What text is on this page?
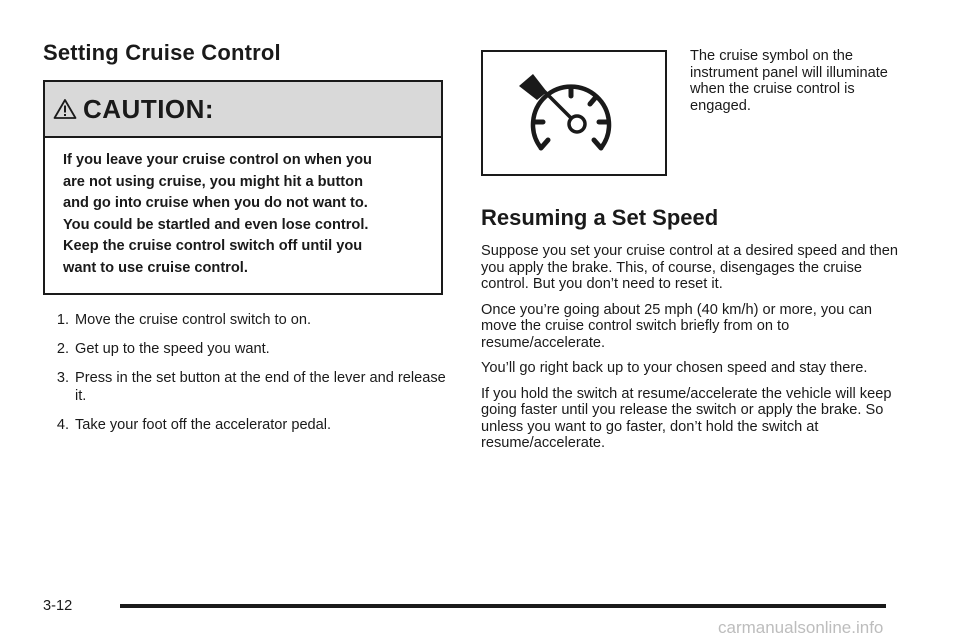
Setting Cruise Control
CAUTION:
If you leave your cruise control on when you
are not using cruise, you might hit a button
and go into cruise when you do not want to.
You could be startled and even lose control.
Keep the cruise control switch off until you
want to use cruise control.
1. Move the cruise control switch to on.
2. Get up to the speed you want.
3. Press in the set button at the end of the lever and release it.
4. Take your foot off the accelerator pedal.
The cruise symbol on the instrument panel will illuminate when the cruise control is engaged.
Resuming a Set Speed

Suppose you set your cruise control at a desired speed and then you apply the brake. This, of course, disengages the cruise control. But you don’t need to reset it.

Once you’re going about 25 mph (40 km/h) or more, you can move the cruise control switch briefly from on to resume/accelerate.

You’ll go right back up to your chosen speed and stay there.

If you hold the switch at resume/accelerate the vehicle will keep going faster until you release the switch or apply the brake. So unless you want to go faster, don’t hold the switch at resume/accelerate.

3-12
carmanualsonline.info
